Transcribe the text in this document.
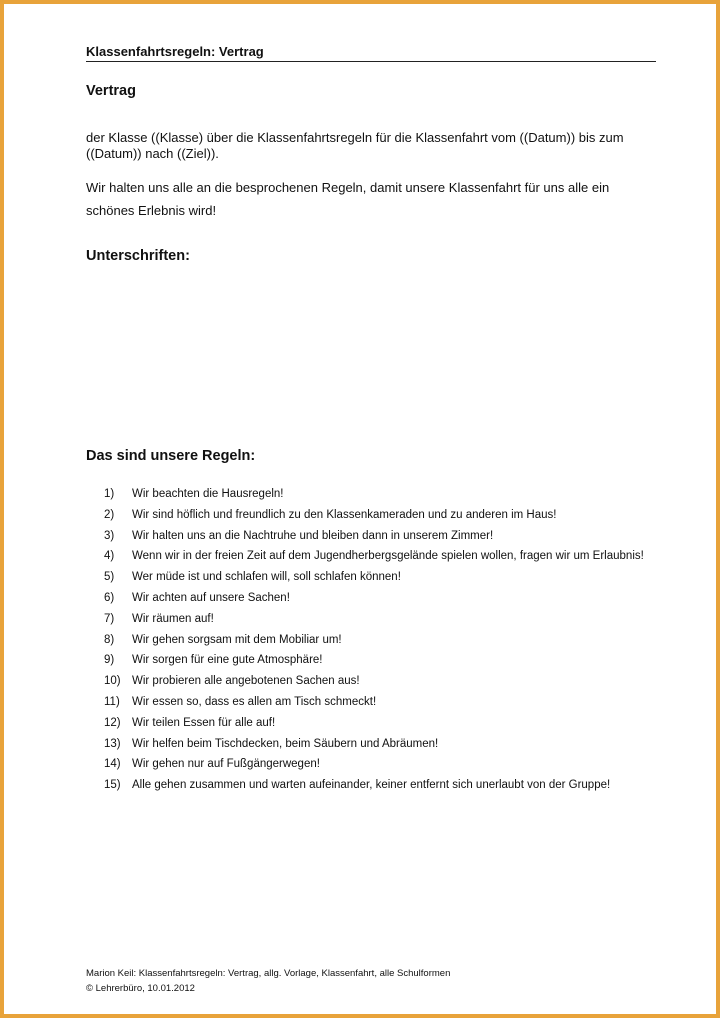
Klassenfahrtsregeln: Vertrag
Vertrag
der Klasse ((Klasse) über die Klassenfahrtsregeln für die Klassenfahrt vom ((Datum)) bis zum ((Datum)) nach ((Ziel)).
Wir halten uns alle an die besprochenen Regeln, damit unsere Klassenfahrt für uns alle ein schönes Erlebnis wird!
Unterschriften:
Das sind unsere Regeln:
1)	Wir beachten die Hausregeln!
2)	Wir sind höflich und freundlich zu den Klassenkameraden und zu anderen im Haus!
3)	Wir halten uns an die Nachtruhe und bleiben dann in unserem Zimmer!
4)	Wenn wir in der freien Zeit auf dem Jugendherbergsgelände spielen wollen, fragen wir um Erlaubnis!
5)	Wer müde ist und schlafen will, soll schlafen können!
6)	Wir achten auf unsere Sachen!
7)	Wir räumen auf!
8)	Wir gehen sorgsam mit dem Mobiliar um!
9)	Wir sorgen für eine gute Atmosphäre!
10) Wir probieren alle angebotenen Sachen aus!
11)	Wir essen so, dass es allen am Tisch schmeckt!
12) Wir teilen Essen für alle auf!
13) Wir helfen beim Tischdecken, beim Säubern und Abräumen!
14) Wir gehen nur auf Fußgängerwegen!
15) Alle gehen zusammen und warten aufeinander, keiner entfernt sich unerlaubt von der Gruppe!
Marion Keil: Klassenfahrtsregeln: Vertrag, allg. Vorlage, Klassenfahrt, alle Schulformen
© Lehrerbüro, 10.01.2012
